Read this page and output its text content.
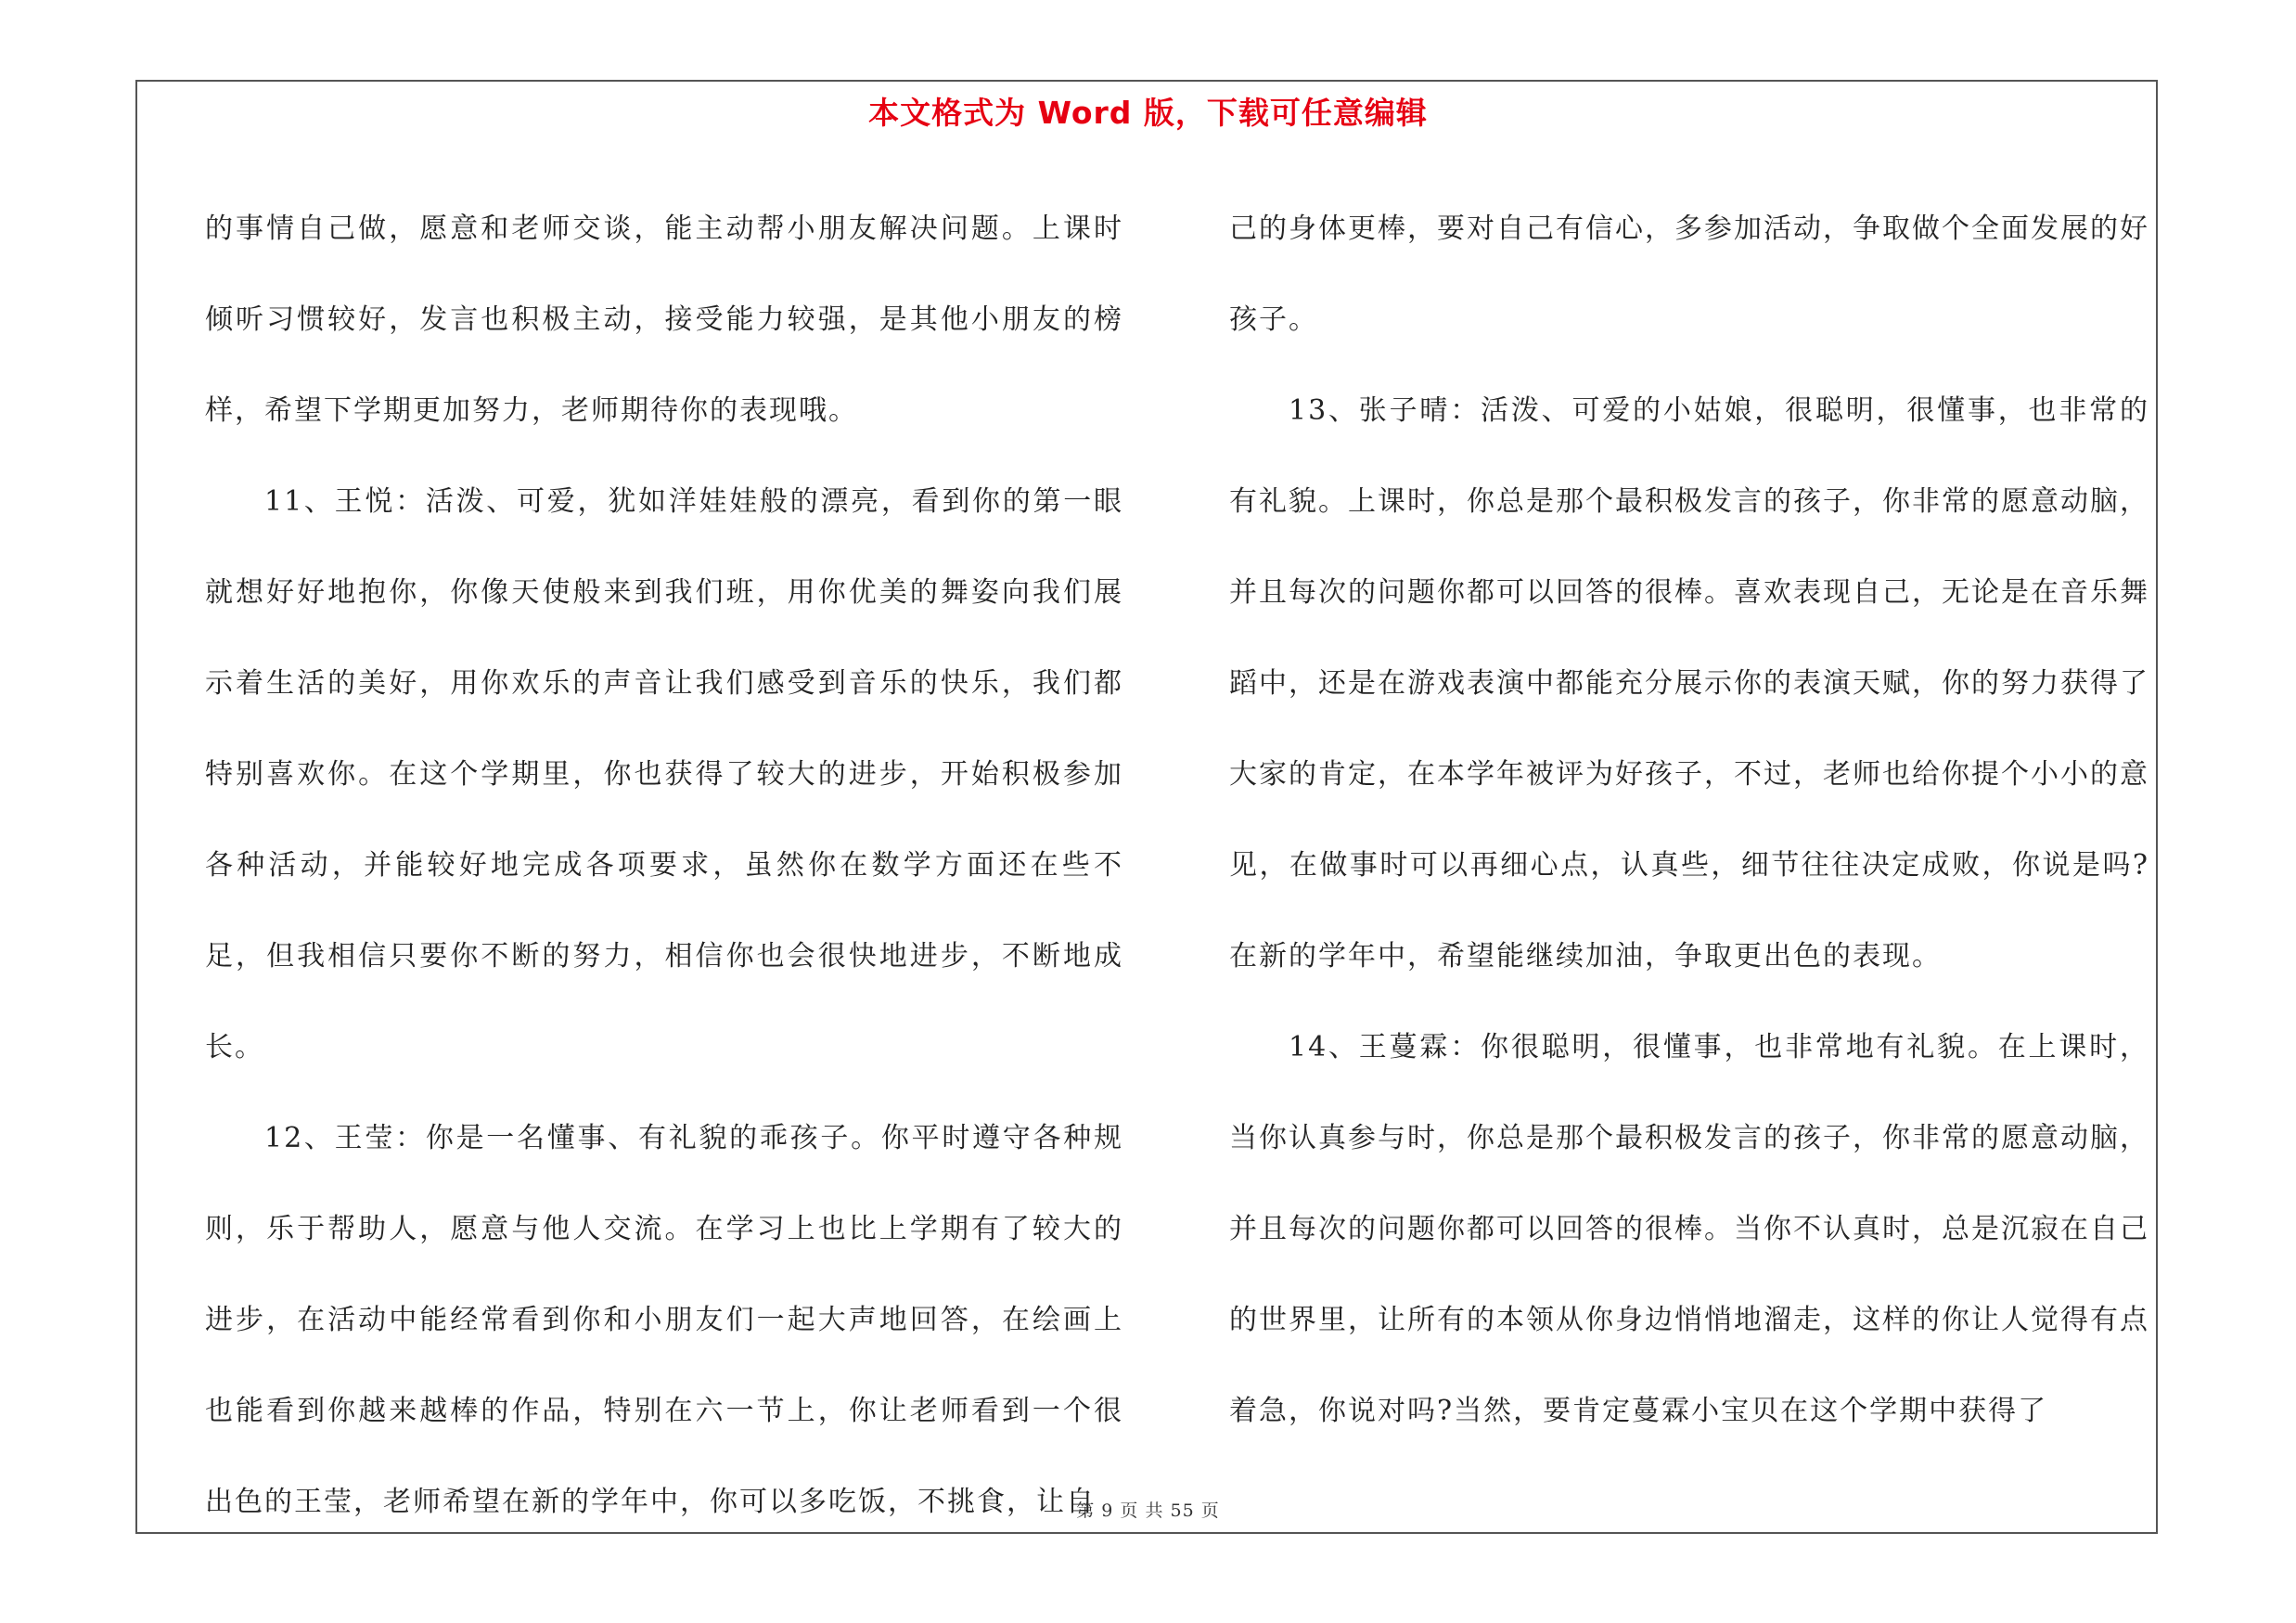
本文格式为 Word 版，下载可任意编辑

的事情自己做，愿意和老师交谈，能主动帮小朋友解决问题。上课时倾听习惯较好，发言也积极主动，接受能力较强，是其他小朋友的榜样，希望下学期更加努力，老师期待你的表现哦。

11、王悦：活泼、可爱，犹如洋娃娃般的漂亮，看到你的第一眼就想好好地抱你，你像天使般来到我们班，用你优美的舞姿向我们展示着生活的美好，用你欢乐的声音让我们感受到音乐的快乐，我们都特别喜欢你。在这个学期里，你也获得了较大的进步，开始积极参加各种活动，并能较好地完成各项要求，虽然你在数学方面还在些不足，但我相信只要你不断的努力，相信你也会很快地进步，不断地成长。

12、王莹：你是一名懂事、有礼貌的乖孩子。你平时遵守各种规则，乐于帮助人，愿意与他人交流。在学习上也比上学期有了较大的进步，在活动中能经常看到你和小朋友们一起大声地回答，在绘画上也能看到你越来越棒的作品，特别在六一节上，你让老师看到一个很出色的王莹，老师希望在新的学年中，你可以多吃饭，不挑食，让自

己的身体更棒，要对自己有信心，多参加活动，争取做个全面发展的好孩子。

13、张子晴：活泼、可爱的小姑娘，很聪明，很懂事，也非常的有礼貌。上课时，你总是那个最积极发言的孩子，你非常的愿意动脑，并且每次的问题你都可以回答的很棒。喜欢表现自己，无论是在音乐舞蹈中，还是在游戏表演中都能充分展示你的表演天赋，你的努力获得了大家的肯定，在本学年被评为好孩子，不过，老师也给你提个小小的意见，在做事时可以再细心点，认真些，细节往往决定成败，你说是吗?在新的学年中，希望能继续加油，争取更出色的表现。

14、王蔓霖：你很聪明，很懂事，也非常地有礼貌。在上课时，当你认真参与时，你总是那个最积极发言的孩子，你非常的愿意动脑，并且每次的问题你都可以回答的很棒。当你不认真时，总是沉寂在自己的世界里，让所有的本领从你身边悄悄地溜走，这样的你让人觉得有点着急，你说对吗?当然，要肯定蔓霖小宝贝在这个学期中获得了

第 9 页 共 55 页
